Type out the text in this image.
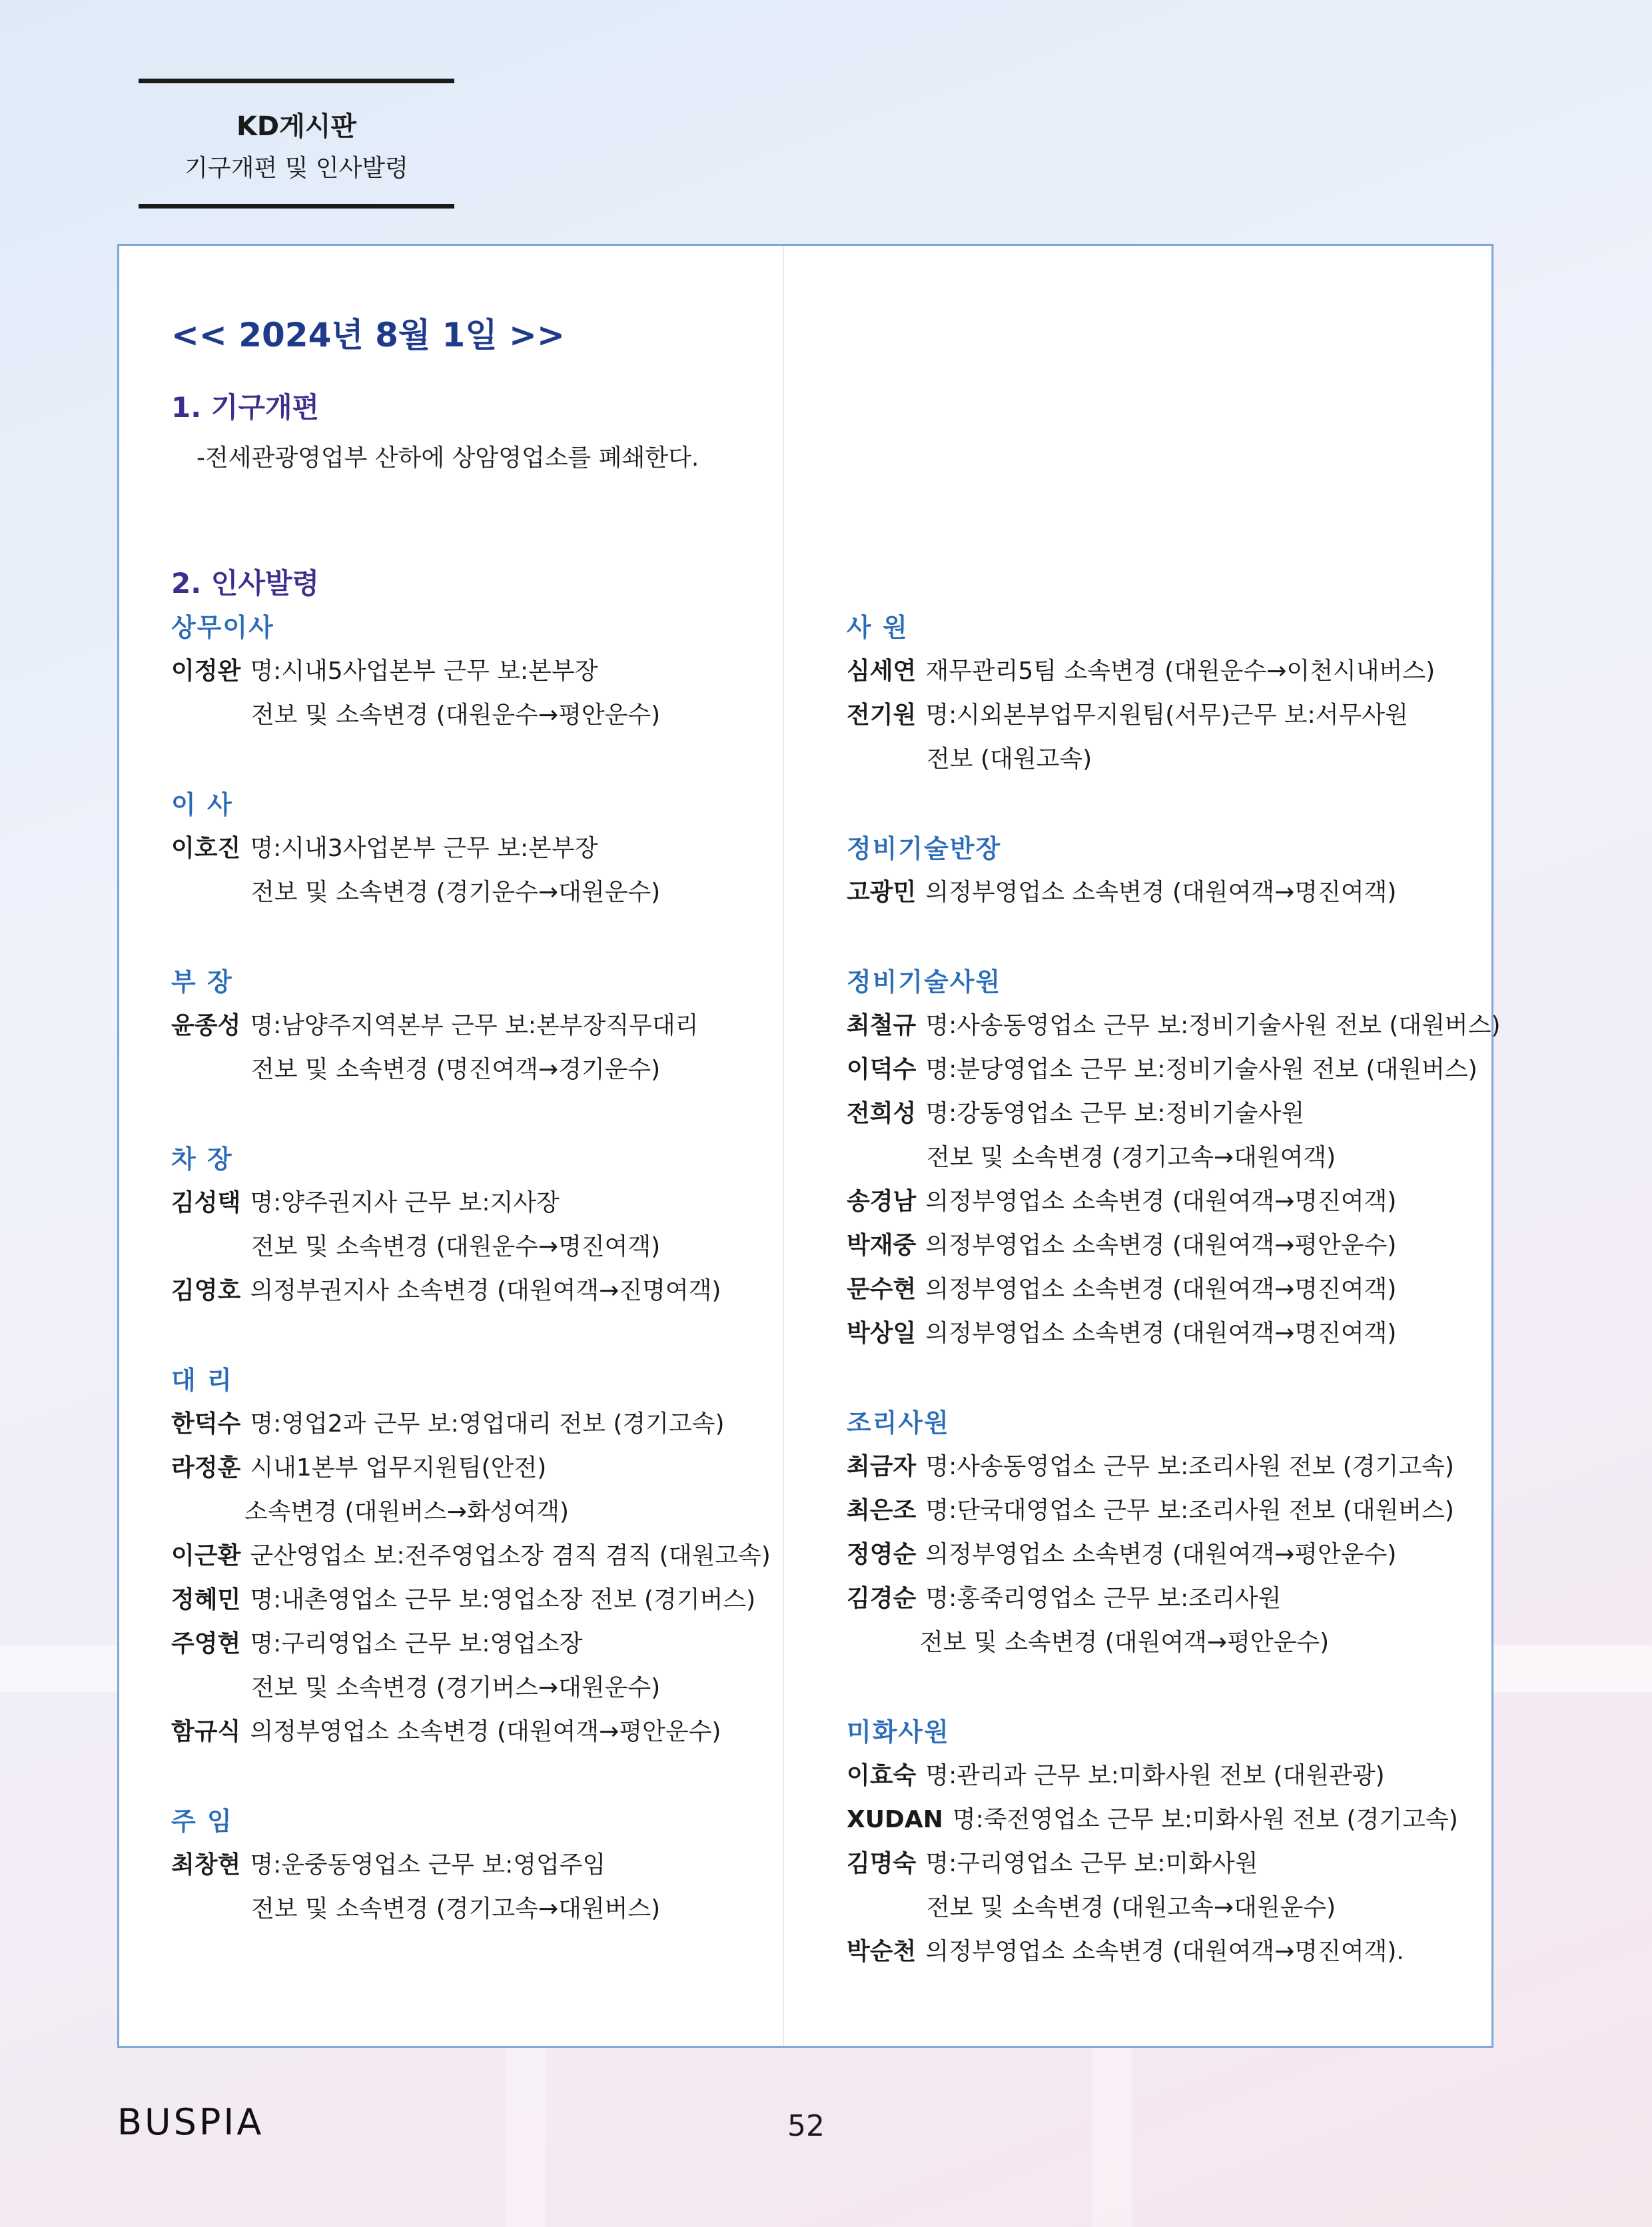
KD게시판
기구개편 및 인사발령
<< 2024년 8월 1일 >>
1. 기구개편
-전세관광영업부 산하에 상암영업소를 폐쇄한다.
2. 인사발령
상무이사
이정완 명:시내5사업본부 근무 보:본부장
전보 및 소속변경 (대원운수→평안운수)
이 사
이호진 명:시내3사업본부 근무 보:본부장
전보 및 소속변경 (경기운수→대원운수)
부 장
윤종성 명:남양주지역본부 근무 보:본부장직무대리
전보 및 소속변경 (명진여객→경기운수)
차 장
김성택 명:양주권지사 근무 보:지사장
전보 및 소속변경 (대원운수→명진여객)
김영호 의정부권지사 소속변경 (대원여객→진명여객)
대 리
한덕수 명:영업2과 근무 보:영업대리 전보 (경기고속)
라정훈 시내1본부 업무지원팀(안전)
소속변경 (대원버스→화성여객)
이근환 군산영업소 보:전주영업소장 겸직 겸직 (대원고속)
정혜민 명:내촌영업소 근무 보:영업소장 전보 (경기버스)
주영현 명:구리영업소 근무 보:영업소장
전보 및 소속변경 (경기버스→대원운수)
함규식 의정부영업소 소속변경 (대원여객→평안운수)
주 임
최창현 명:운중동영업소 근무 보:영업주임
전보 및 소속변경 (경기고속→대원버스)
사 원
심세연 재무관리5팀 소속변경 (대원운수→이천시내버스)
전기원 명:시외본부업무지원팀(서무)근무 보:서무사원
전보 (대원고속)
정비기술반장
고광민 의정부영업소 소속변경 (대원여객→명진여객)
정비기술사원
최철규 명:사송동영업소 근무 보:정비기술사원 전보 (대원버스)
이덕수 명:분당영업소 근무 보:정비기술사원 전보 (대원버스)
전희성 명:강동영업소 근무 보:정비기술사원
전보 및 소속변경 (경기고속→대원여객)
송경남 의정부영업소 소속변경 (대원여객→명진여객)
박재중 의정부영업소 소속변경 (대원여객→평안운수)
문수현 의정부영업소 소속변경 (대원여객→명진여객)
박상일 의정부영업소 소속변경 (대원여객→명진여객)
조리사원
최금자 명:사송동영업소 근무 보:조리사원 전보 (경기고속)
최은조 명:단국대영업소 근무 보:조리사원 전보 (대원버스)
정영순 의정부영업소 소속변경 (대원여객→평안운수)
김경순 명:홍죽리영업소 근무 보:조리사원
전보 및 소속변경 (대원여객→평안운수)
미화사원
이효숙 명:관리과 근무 보:미화사원 전보 (대원관광)
XUDAN 명:죽전영업소 근무 보:미화사원 전보 (경기고속)
김명숙 명:구리영업소 근무 보:미화사원
전보 및 소속변경 (대원고속→대원운수)
박순천 의정부영업소 소속변경 (대원여객→명진여객).
BUSPIA	52
